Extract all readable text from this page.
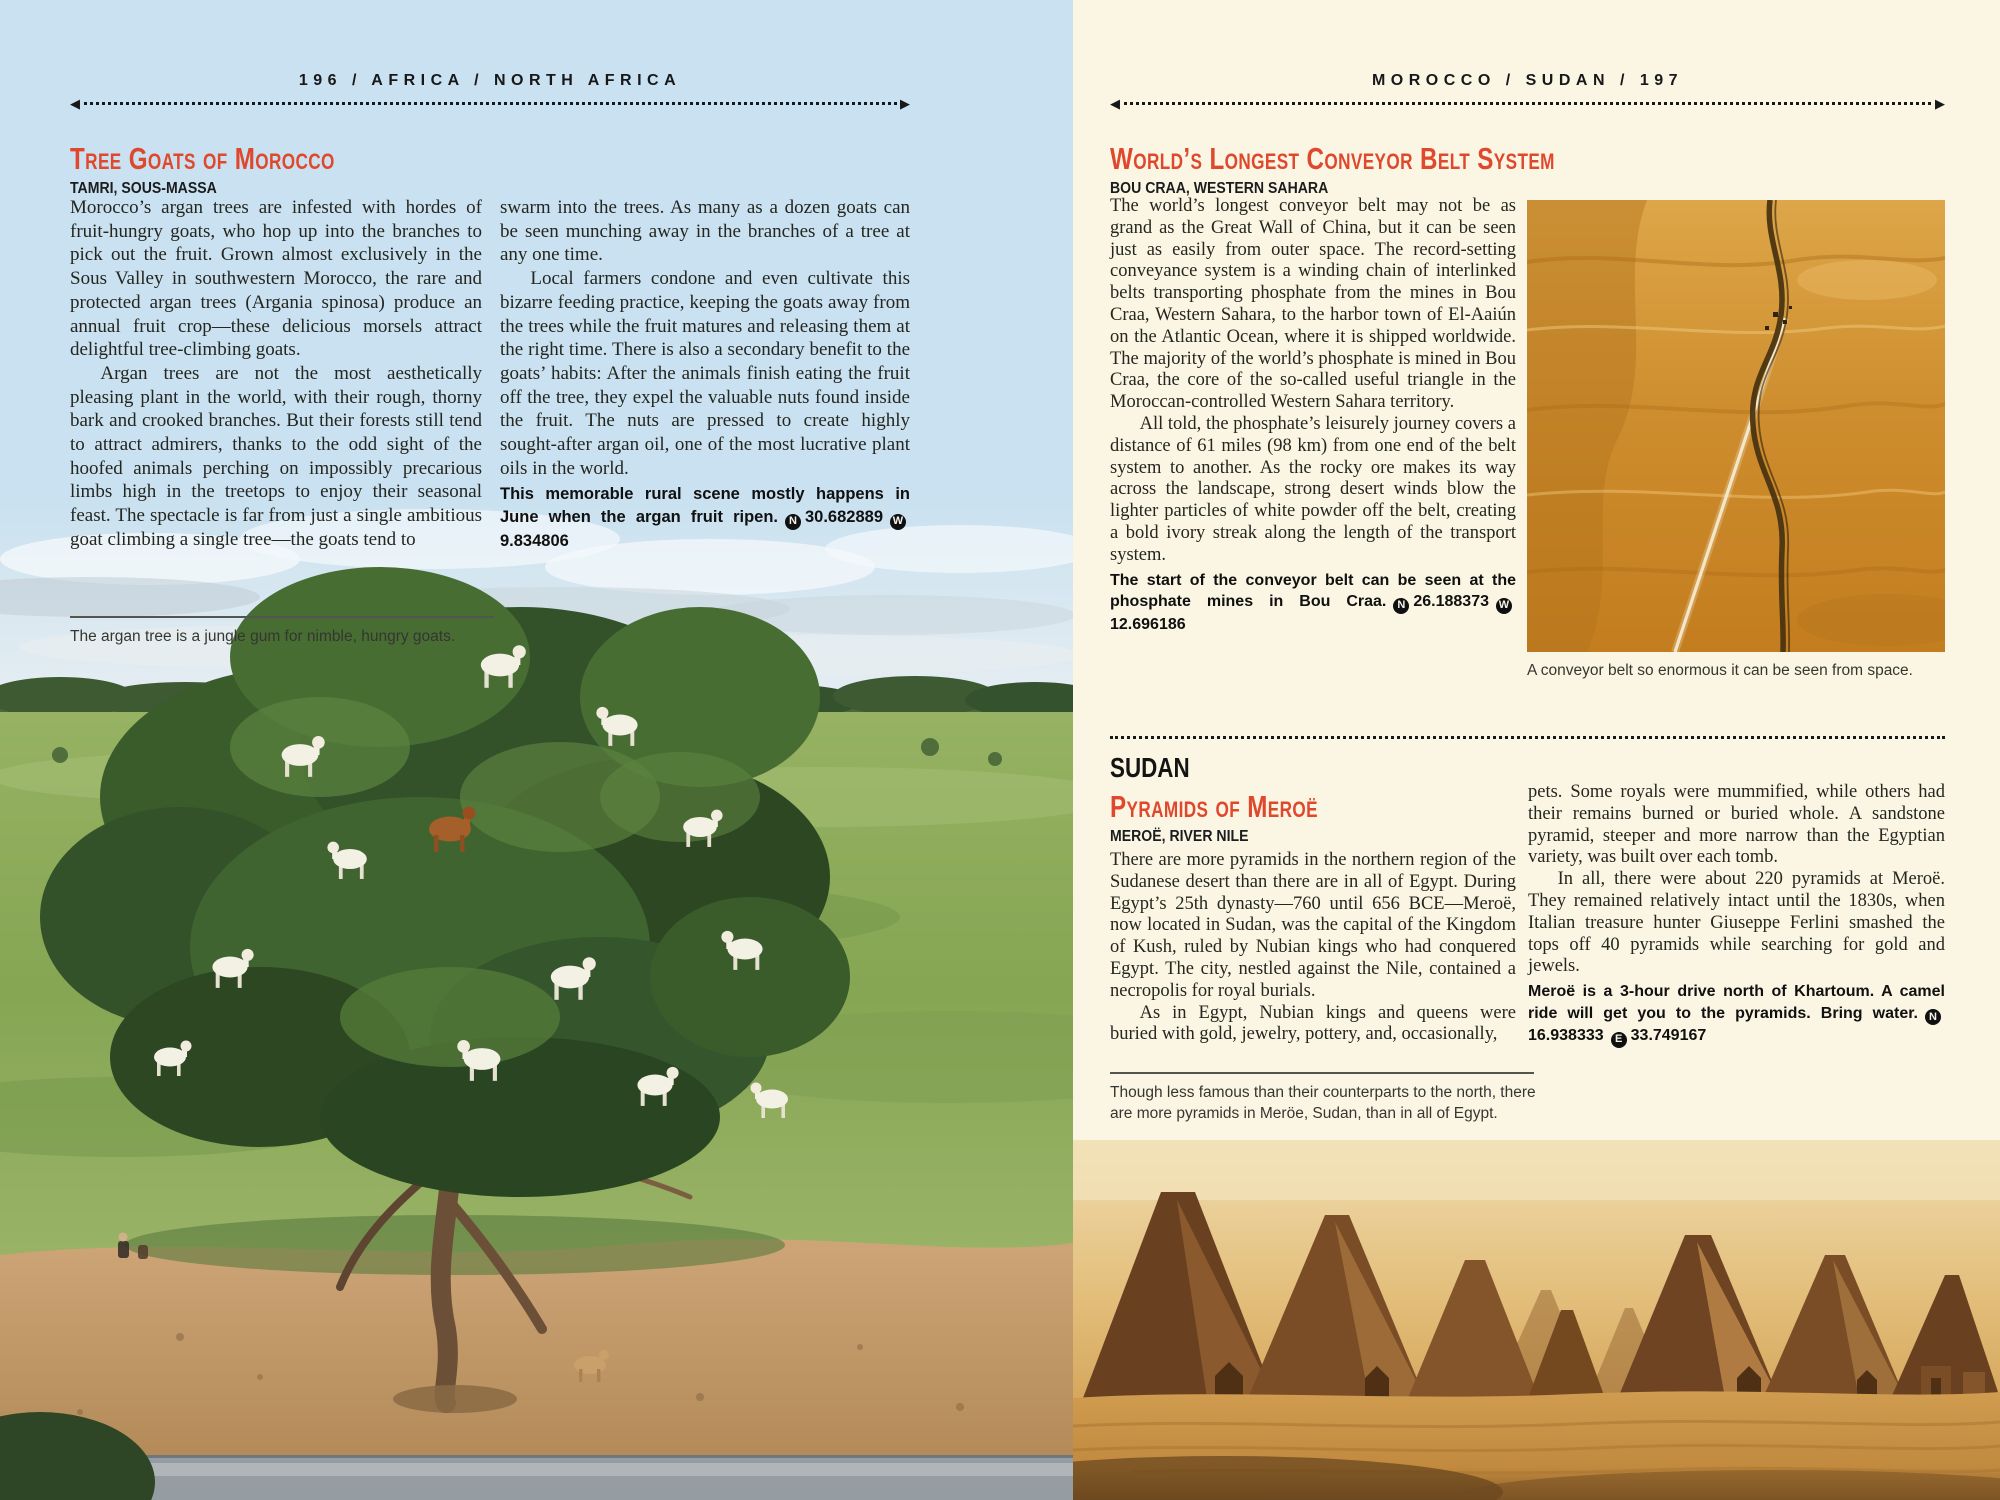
196 / AFRICA / NORTH AFRICA
◀	▶
Tree Goats of Morocco
TAMRI, SOUS-MASSA

Morocco’s argan trees are infested with hordes of fruit-hungry goats, who hop up into the branches to pick out the fruit. Grown almost exclusively in the Sous Valley in southwestern Morocco, the rare and protected argan trees (Argania spinosa) produce an annual fruit crop—these delicious morsels attract delightful tree-climbing goats.

Argan trees are not the most aesthetically pleasing plant in the world, with their rough, thorny bark and crooked branches. But their forests still tend to attract admirers, thanks to the odd sight of the hoofed animals perching on impossibly precarious limbs high in the treetops to enjoy their seasonal feast. The spectacle is far from just a single ambitious goat climbing a single tree—the goats tend to

swarm into the trees. As many as a dozen goats can be seen munching away in the branches of a tree at any one time.

Local farmers condone and even cultivate this bizarre feeding practice, keeping the goats away from the trees while the fruit matures and releasing them at the right time. There is also a secondary benefit to the goats’ habits: After the animals finish eating the fruit off the tree, they expel the valuable nuts found inside the fruit. The nuts are pressed to create highly sought-after argan oil, one of the most lucrative plant oils in the world.

This memorable rural scene mostly happens in June when the argan fruit ripen. N 30.682889 W9.834806

The argan tree is a jungle gum for nimble, hungry goats.
MOROCCO / SUDAN / 197
◀	▶
World’s Longest Conveyor Belt System
BOU CRAA, WESTERN SAHARA

The world’s longest conveyor belt may not be as grand as the Great Wall of China, but it can be seen just as easily from outer space. The record-setting conveyance system is a winding chain of interlinked belts transporting phosphate from the mines in Bou Craa, Western Sahara, to the harbor town of El-Aaiún on the Atlantic Ocean, where it is shipped worldwide. The majority of the world’s phosphate is mined in Bou Craa, the core of the so-called useful triangle in the Moroccan-controlled Western Sahara territory.

All told, the phosphate’s leisurely journey covers a distance of 61 miles (98 km) from one end of the belt system to another. As the rocky ore makes its way across the landscape, strong desert winds blow the lighter particles of white powder off the belt, creating a bold ivory streak along the length of the transport system.

The start of the conveyor belt can be seen at the phosphate mines in Bou Craa. N 26.188373 W12.696186

A conveyor belt so enormous it can be seen from space.
SUDAN
Pyramids of Meroë
MEROË, RIVER NILE

There are more pyramids in the northern region of the Sudanese desert than there are in all of Egypt. During Egypt’s 25th dynasty—760 until 656 BCE—Meroë, now located in Sudan, was the capital of the Kingdom of Kush, ruled by Nubian kings who had conquered Egypt. The city, nestled against the Nile, contained a necropolis for royal burials.

As in Egypt, Nubian kings and queens were buried with gold, jewelry, pottery, and, occasionally,

pets. Some royals were mummified, while others had their remains burned or buried whole. A sandstone pyramid, steeper and more narrow than the Egyptian variety, was built over each tomb.

In all, there were about 220 pyramids at Meroë. They remained relatively intact until the 1830s, when Italian treasure hunter Giuseppe Ferlini smashed the tops off 40 pyramids while searching for gold and jewels.

Meroë is a 3-hour drive north of Khartoum. A camel ride will get you to the pyramids. Bring water. N16.938333 E 33.749167

Though less famous than their counterparts to the north, there are more pyramids in Meröe, Sudan, than in all of Egypt.
